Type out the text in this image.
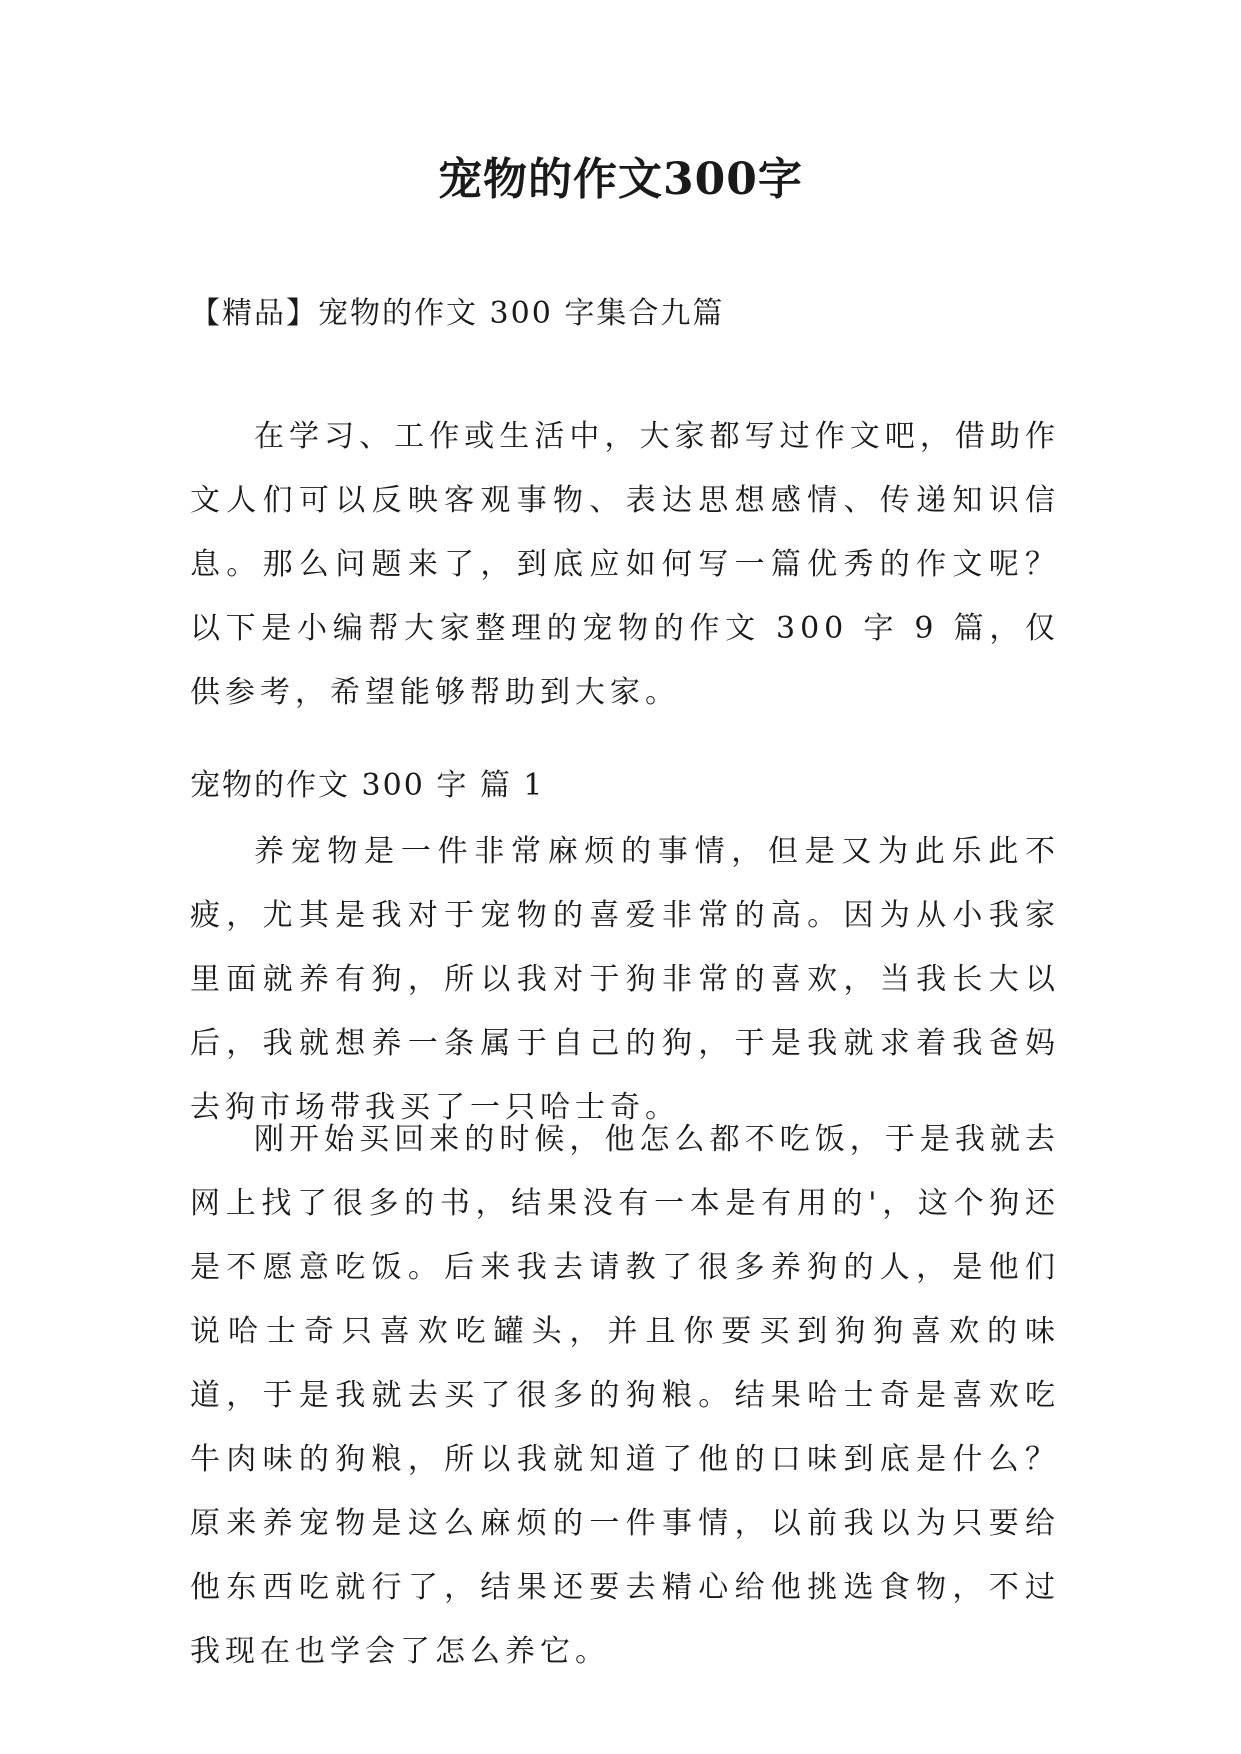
宠物的作文300字

【精品】宠物的作文 300 字集合九篇

在学习、工作或生活中，大家都写过作文吧，借助作文人们可以反映客观事物、表达思想感情、传递知识信息。那么问题来了，到底应如何写一篇优秀的作文呢？以下是小编帮大家整理的宠物的作文 300 字 9 篇，仅供参考，希望能够帮助到大家。

宠物的作文 300 字 篇 1

养宠物是一件非常麻烦的事情，但是又为此乐此不疲，尤其是我对于宠物的喜爱非常的高。因为从小我家里面就养有狗，所以我对于狗非常的喜欢，当我长大以后，我就想养一条属于自己的狗，于是我就求着我爸妈去狗市场带我买了一只哈士奇。

刚开始买回来的时候，他怎么都不吃饭，于是我就去网上找了很多的书，结果没有一本是有用的'，这个狗还是不愿意吃饭。后来我去请教了很多养狗的人，是他们说哈士奇只喜欢吃罐头，并且你要买到狗狗喜欢的味道，于是我就去买了很多的狗粮。结果哈士奇是喜欢吃牛肉味的狗粮，所以我就知道了他的口味到底是什么？原来养宠物是这么麻烦的一件事情，以前我以为只要给他东西吃就行了，结果还要去精心给他挑选食物，不过我现在也学会了怎么养它。
